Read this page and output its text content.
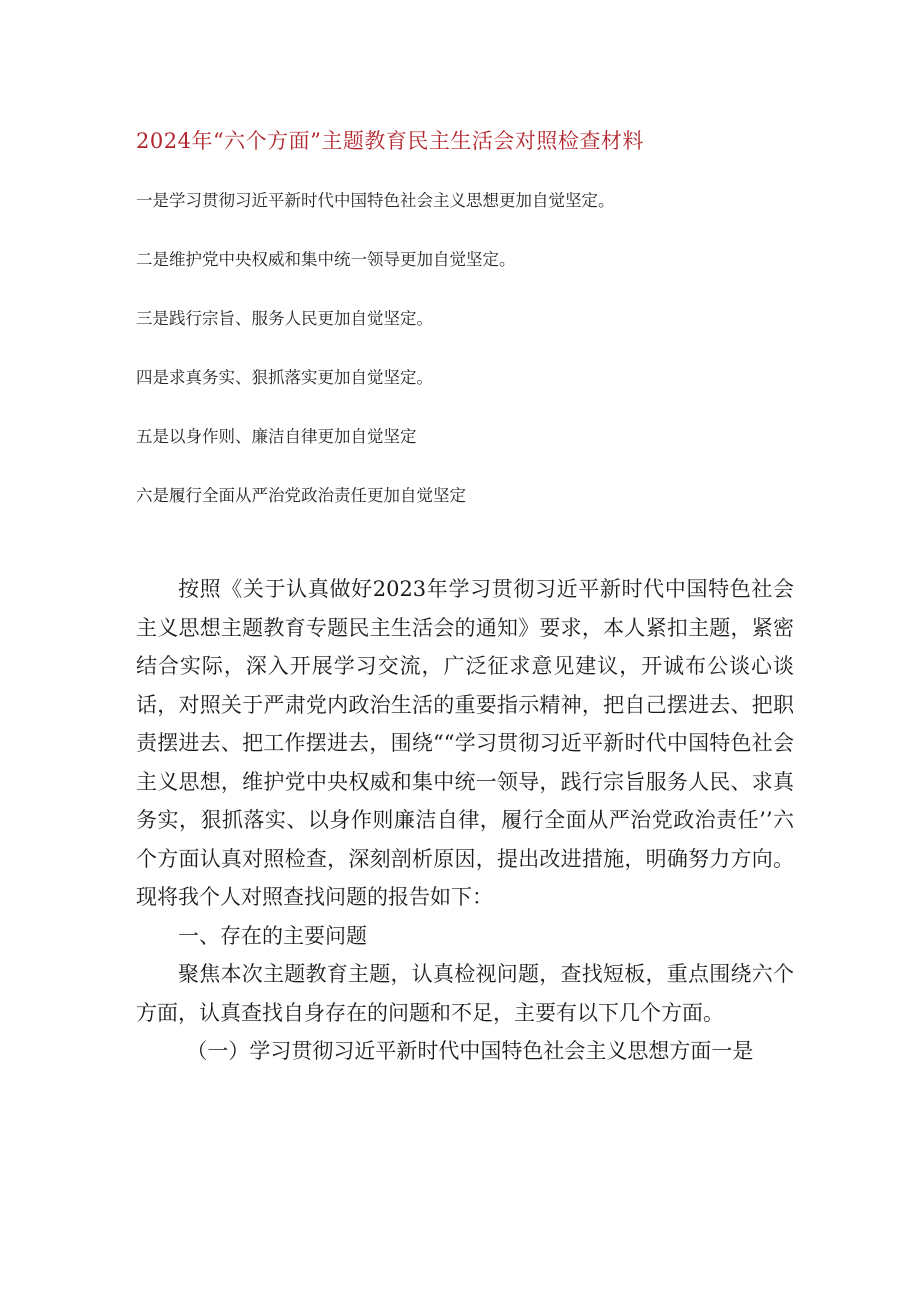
2024年“六个方面”主题教育民主生活会对照检查材料
一是学习贯彻习近平新时代中国特色社会主义思想更加自觉坚定。
二是维护党中央权威和集中统一领导更加自觉坚定。
三是践行宗旨、服务人民更加自觉坚定。
四是求真务实、狠抓落实更加自觉坚定。
五是以身作则、廉洁自律更加自觉坚定
六是履行全面从严治党政治责任更加自觉坚定

按照《关于认真做好2023年学习贯彻习近平新时代中国特色社会主义思想主题教育专题民主生活会的通知》要求，本人紧扣主题，紧密结合实际，深入开展学习交流，广泛征求意见建议，开诚布公谈心谈话，对照关于严肃党内政治生活的重要指示精神，把自己摆进去、把职责摆进去、把工作摆进去，围绕““学习贯彻习近平新时代中国特色社会主义思想，维护党中央权威和集中统一领导，践行宗旨服务人民、求真务实，狠抓落实、以身作则廉洁自律，履行全面从严治党政治责任’’六个方面认真对照检查，深刻剖析原因，提出改进措施，明确努力方向。现将我个人对照查找问题的报告如下：

一、存在的主要问题

聚焦本次主题教育主题，认真检视问题，查找短板，重点围绕六个方面，认真查找自身存在的问题和不足，主要有以下几个方面。

（一）学习贯彻习近平新时代中国特色社会主义思想方面一是
